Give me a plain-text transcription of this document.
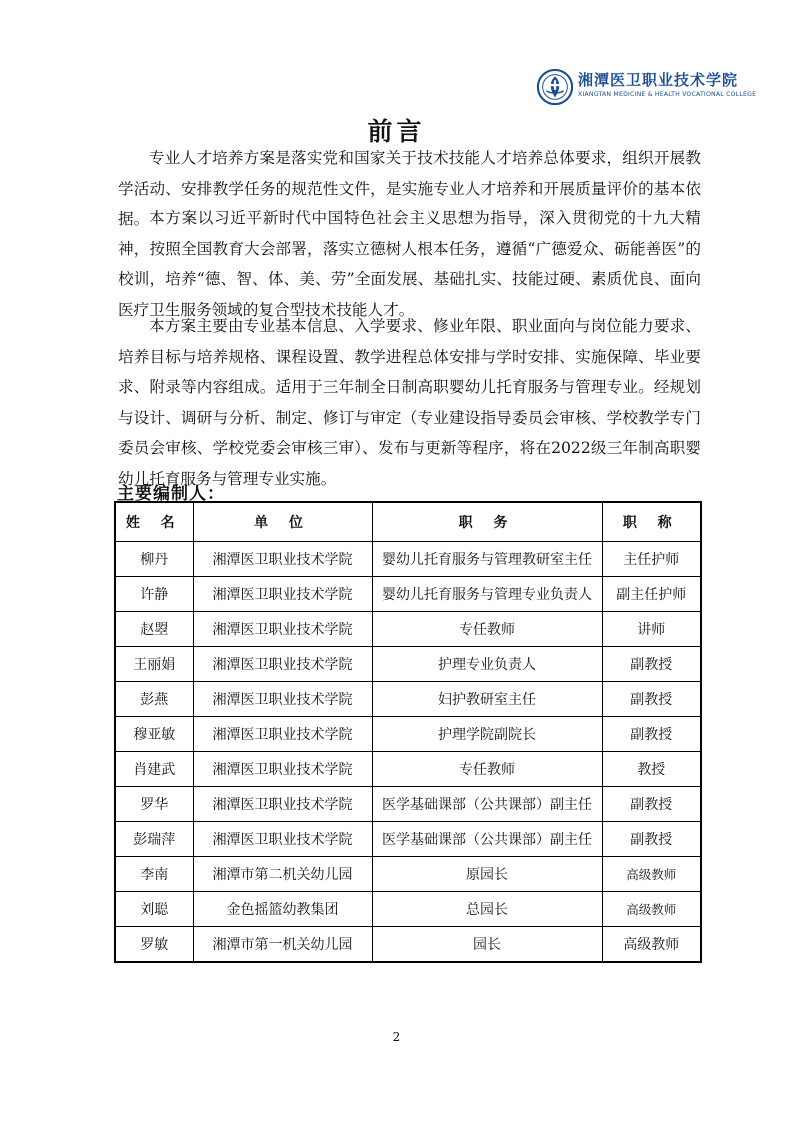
湘潭医卫职业技术学院
XIANGTAN MEDICINE & HEALTH VOCATIONAL COLLEGE
前言

专业人才培养方案是落实党和国家关于技术技能人才培养总体要求，组织开展教学活动、安排教学任务的规范性文件，是实施专业人才培养和开展质量评价的基本依据。 本方案以习近平新时代中国特色社会主义思想为指导，深入贯彻党的十九大精神，按照全国教育大会部署，落实立德树人根本任务，遵循“广德爱众、砺能善医”的校训，培养“德、智、体、美、劳”全面发展、基础扎实、技能过硬、素质优良、面向医疗卫生服务领域的复合型技术技能人才。

本方案主要由专业基本信息、入学要求、修业年限、职业面向与岗位能力要求、培养目标与培养规格、课程设置、教学进程总体安排与学时安排、实施保障、毕业要求、附录等内容组成。适用于三年制全日制高职婴幼儿托育服务与管理专业。经规划与设计、调研与分析、制定、修订与审定（专业建设指导委员会审核、学校教学专门委员会审核、学校党委会审核三审）、发布与更新等程序，将在2022级三年制高职婴幼儿托育服务与管理专业实施。

主要编制人：
姓 名	单 位	职 务	职 称
柳丹	湘潭医卫职业技术学院	婴幼儿托育服务与管理教研室主任	主任护师
许静	湘潭医卫职业技术学院	婴幼儿托育服务与管理专业负责人	副主任护师
赵曌	湘潭医卫职业技术学院	专任教师	讲师
王丽娟	湘潭医卫职业技术学院	护理专业负责人	副教授
彭燕	湘潭医卫职业技术学院	妇护教研室主任	副教授
穆亚敏	湘潭医卫职业技术学院	护理学院副院长	副教授
肖建武	湘潭医卫职业技术学院	专任教师	教授
罗华	湘潭医卫职业技术学院	医学基础课部（公共课部）副主任	副教授
彭瑞萍	湘潭医卫职业技术学院	医学基础课部（公共课部）副主任	副教授
李南	湘潭市第二机关幼儿园	原园长	高级教师
刘聪	金色摇篮幼教集团	总园长	高级教师
罗敏	湘潭市第一机关幼儿园	园长	高级教师
2
